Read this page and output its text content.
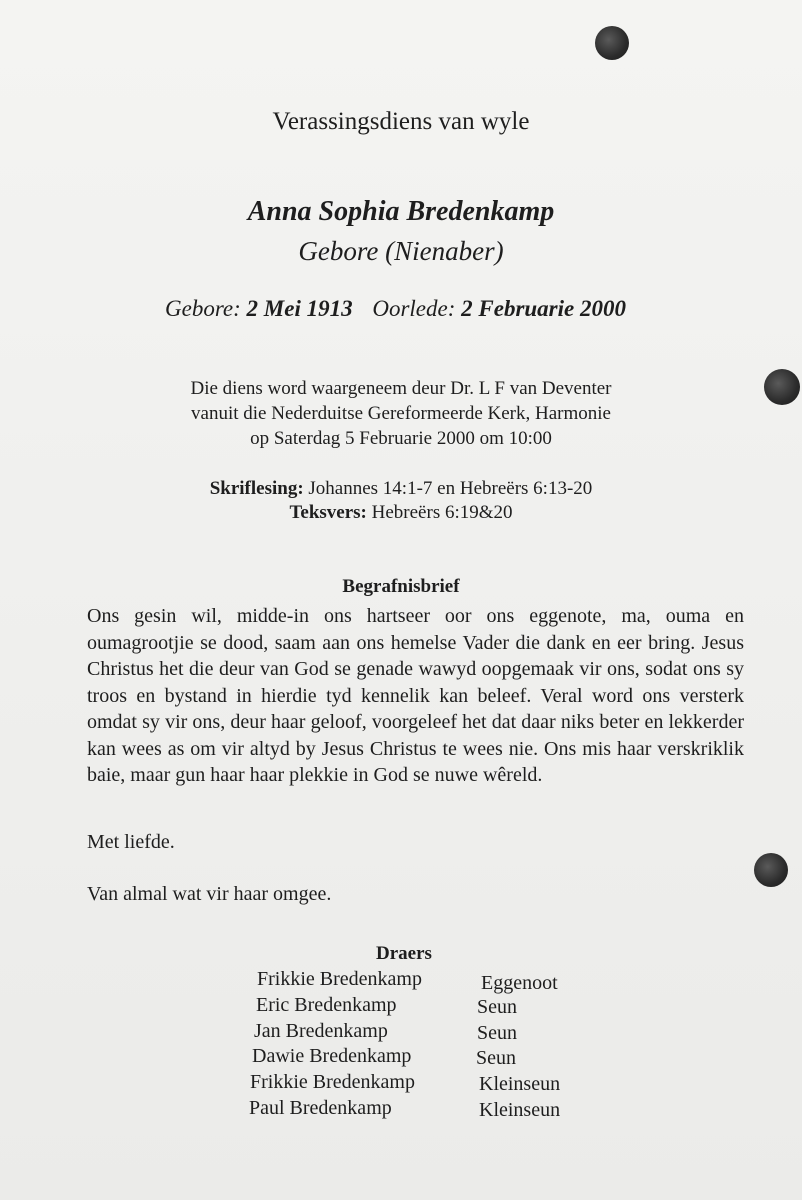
Verassingsdiens van wyle
Anna Sophia Bredenkamp
Gebore (Nienaber)
Gebore: 2 Mei 1913 Oorlede: 2 Februarie 2000
Die diens word waargeneem deur Dr. L F van Deventer
vanuit die Nederduitse Gereformeerde Kerk, Harmonie
op Saterdag 5 Februarie 2000 om 10:00
Skriflesing: Johannes 14:1-7 en Hebreërs 6:13-20
Teksvers: Hebreërs 6:19&20
Begrafnisbrief
Ons gesin wil, midde-in ons hartseer oor ons eggenote, ma, ouma en oumagrootjie se dood, saam aan ons hemelse Vader die dank en eer bring. Jesus Christus het die deur van God se genade wawyd oopgemaak vir ons, sodat ons sy troos en bystand in hierdie tyd kennelik kan beleef. Veral word ons versterk omdat sy vir ons, deur haar geloof, voorgeleef het dat daar niks beter en lekkerder kan wees as om vir altyd by Jesus Christus te wees nie. Ons mis haar verskriklik baie, maar gun haar haar plekkie in God se nuwe wêreld.
Met liefde.
Van almal wat vir haar omgee.
Draers
Frikkie Bredenkamp	Eggenoot
Eric Bredenkamp	Seun
Jan Bredenkamp	Seun
Dawie Bredenkamp	Seun
Frikkie Bredenkamp	Kleinseun
Paul Bredenkamp	Kleinseun
